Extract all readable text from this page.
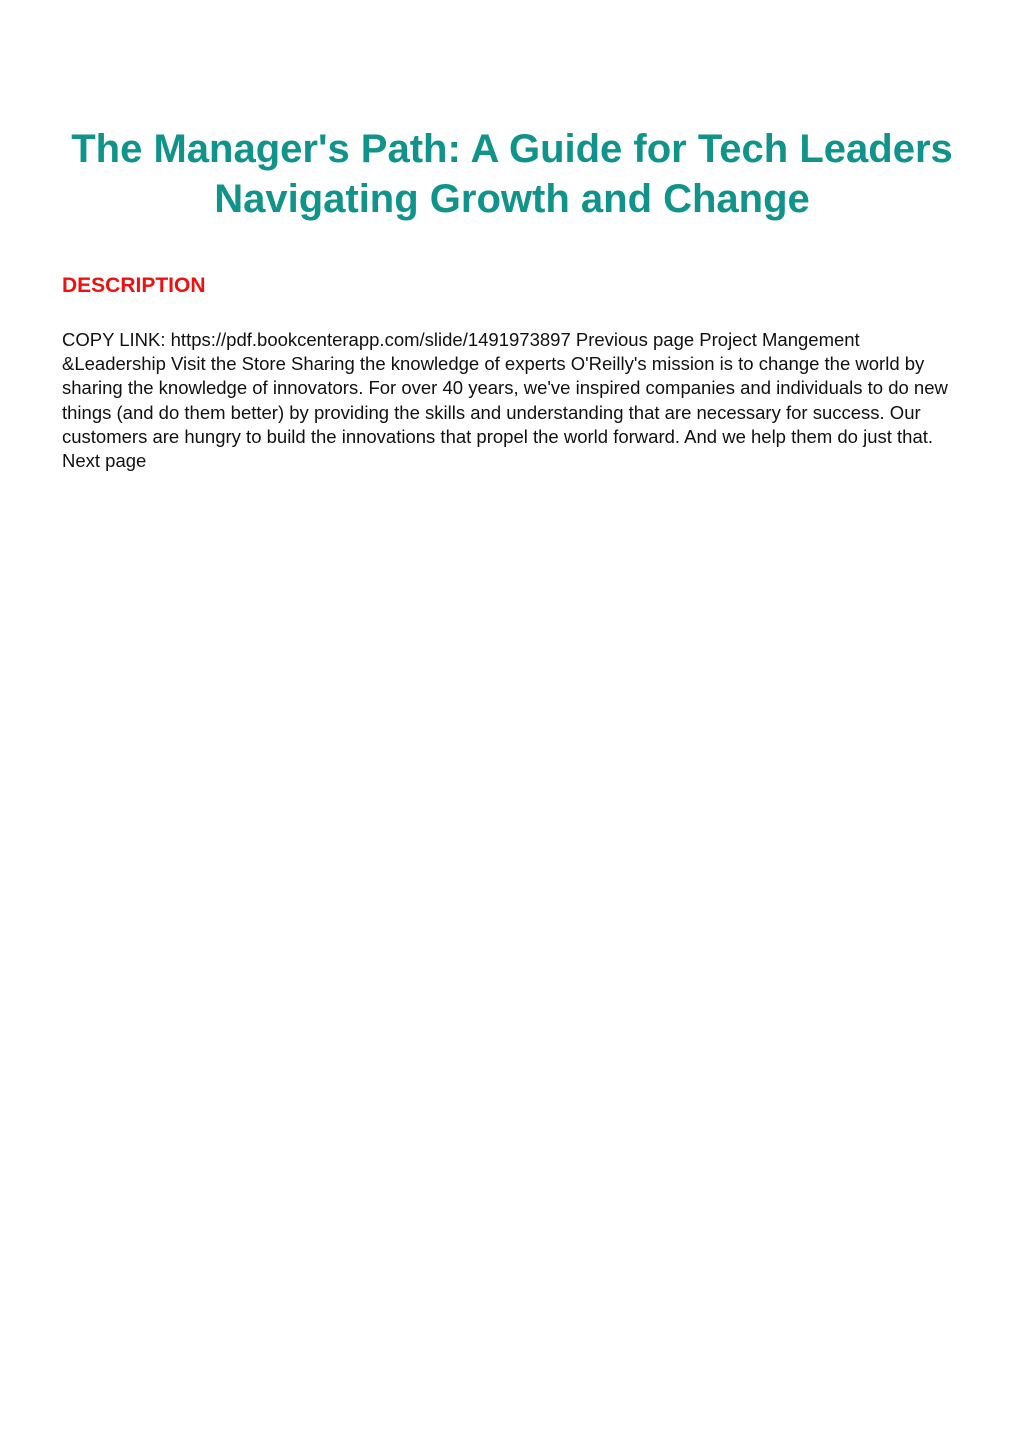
The Manager's Path: A Guide for Tech Leaders Navigating Growth and Change
DESCRIPTION

COPY LINK: https://pdf.bookcenterapp.com/slide/1491973897 Previous page Project Mangement &Leadership Visit the Store Sharing the knowledge of experts O'Reilly's mission is to change the world by sharing the knowledge of innovators. For over 40 years, we've inspired companies and individuals to do new things (and do them better) by providing the skills and understanding that are necessary for success. Our customers are hungry to build the innovations that propel the world forward. And we help them do just that. Next page
